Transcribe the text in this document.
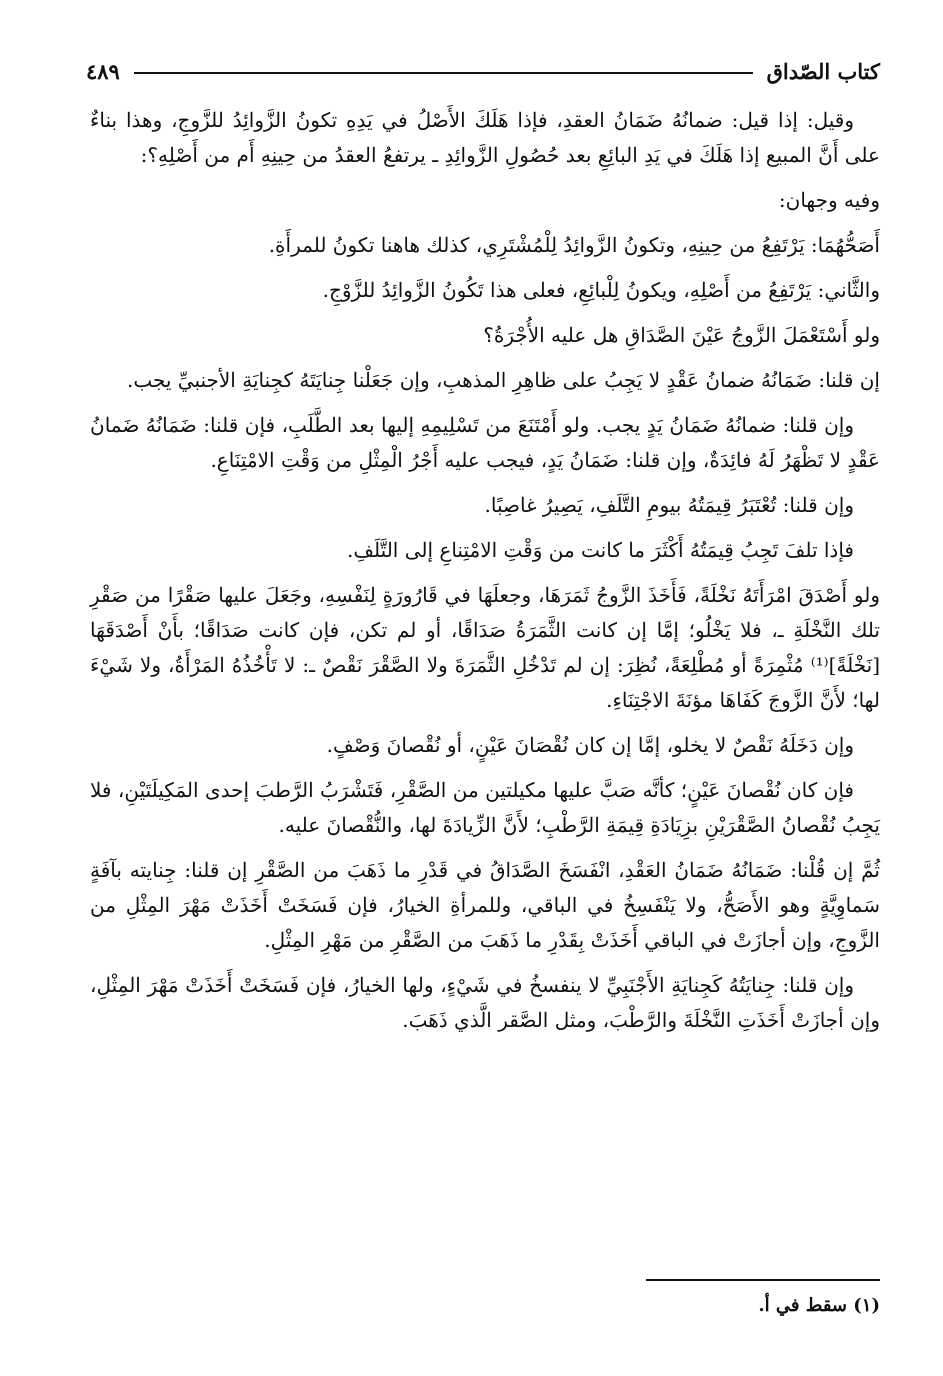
كتاب الصّداق
٤٨٩

وقيل: إذا قيل: ضمانُهُ ضَمَانُ العقدِ، فإذا هَلَكَ الأَصْلُ في يَدِهِ تكونُ الزَّوائِدُ للزَّوجِ، وهذا بناءٌ على أَنَّ المبيع إذا هَلَكَ في يَدِ البائِعِ بعد حُصُولِ الزَّوائِدِ ـ يرتفعُ العقدُ من حِينِهِ أَم من أَصْلِهِ؟:

وفيه وجهان:

أَصَحُّهُمَا: يَرْتَفِعُ من حِينِهِ، وتكونُ الزَّوائِدُ لِلْمُشْتَرِي، كذلك هاهنا تكونُ للمرأَةِ.

والثَّاني: يَرْتَفِعُ من أَصْلِهِ، ويكونُ لِلْبائِعِ، فعلى هذا تَكُونُ الزَّوائِدُ للزَّوْجِ.

ولو أَسْتَعْمَلَ الزَّوجُ عَيْنَ الصَّدَاقِ هل عليه الأُجْرَةُ؟

إن قلنا: ضَمَانُهُ ضمانُ عَقْدٍ لا يَجِبُ على ظاهِرِ المذهبِ، وإن جَعَلْنا جِنايَتَهُ كجِنايَةِ الأجنبيِّ يجب.

وإن قلنا: ضمانُهُ ضَمَانُ يَدٍ يجب. ولو أَمْتَنَعَ من تَسْلِيمِهِ إليها بعد الطَّلَبِ، فإن قلنا: ضَمَانُهُ ضَمانُ عَقْدٍ لا تَظْهَرُ لَهُ فائِدَةٌ، وإن قلنا: ضَمَانُ يَدٍ، فيجب عليه أَجْرُ الْمِثْلِ من وَقْتِ الامْتِنَاعِ.

وإن قلنا: تُعْتَبَرُ قِيمَتُهُ بيومِ التَّلَفِ، يَصِيرُ غاصِبًا.

فإذا تلفَ تَجِبُ قِيمَتُهُ أَكْثَرَ ما كانت من وَقْتِ الامْتِناعِ إلى التَّلَفِ.

ولو أَصْدَقَ امْرَأَتَهُ نَخْلَةً، فَأَخَذَ الزَّوجُ ثَمَرَهَا، وجعلَهَا في قَارُورَةٍ لِنَفْسِهِ، وجَعَلَ عليها صَقْرًا من صَقْرِ تلك النَّخْلَةِ ـ، فلا يَخْلُو؛ إمَّا إن كانت الثَّمَرَةُ صَدَاقًا، أو لم تكن، فإن كانت صَدَاقًا؛ بأَنْ أَصْدَقَهَا [نَخْلَةً]⁽¹⁾ مُثْمِرَةً أو مُطْلِعَةً، نُظِرَ: إن لم تَدْخُلِ الثَّمَرَةَ ولا الصَّقْرَ نَقْصٌ ـ: لا تَأْخُذُهُ المَرْأَةُ، ولا شَيْءَ لها؛ لأَنَّ الزَّوجَ كَفَاهَا مؤنَةَ الاجْتِنَاءِ.

وإن دَخَلَهُ نَقْصٌ لا يخلو، إمَّا إن كان نُقْصَانَ عَيْنٍ، أو نُقْصانَ وَصْفٍ.

فإن كان نُقْصانَ عَيْنٍ؛ كأنَّه صَبَّ عليها مكيلتين من الصَّقْرِ، فَتَشْرَبُ الرَّطبَ إحدى المَكِيلَتَيْنِ، فلا يَجِبُ نُقْصانُ الصَّقْرَيْنِ بزِيَادَةِ قِيمَةِ الرَّطْبِ؛ لأَنَّ الزِّيادَةَ لها، والنُّقْصانَ عليه.

ثُمَّ إن قُلْنا: ضَمَانُهُ ضَمَانُ العَقْدِ، انْفَسَخَ الصَّدَاقُ في قَدْرِ ما ذَهَبَ من الصَّقْرِ إن قلنا: جِنايته بآفَةٍ سَماوِيَّةٍ وهو الأَصَحُّ، ولا يَنْفَسِخُ في الباقي، وللمرأةِ الخيارُ، فإن فَسَخَتْ أَخَذَتْ مَهْرَ المِثْلِ من الزَّوجِ، وإن أجازَتْ في الباقي أَخَذَتْ بِقَدْرِ ما ذَهَبَ من الصَّقْرِ من مَهْرِ المِثْلِ.

وإن قلنا: جِنايَتُهُ كَجِنايَةِ الأَجْنَبِيِّ لا ينفسخُ في شَيْءٍ، ولها الخيارُ، فإن فَسَخَتْ أَخَذَتْ مَهْرَ المِثْلِ، وإن أجازَتْ أَخَذَتِ النَّخْلَةَ والرَّطْبَ، ومثل الصَّقر الَّذي ذَهَبَ.

(١) سقط في أ.
